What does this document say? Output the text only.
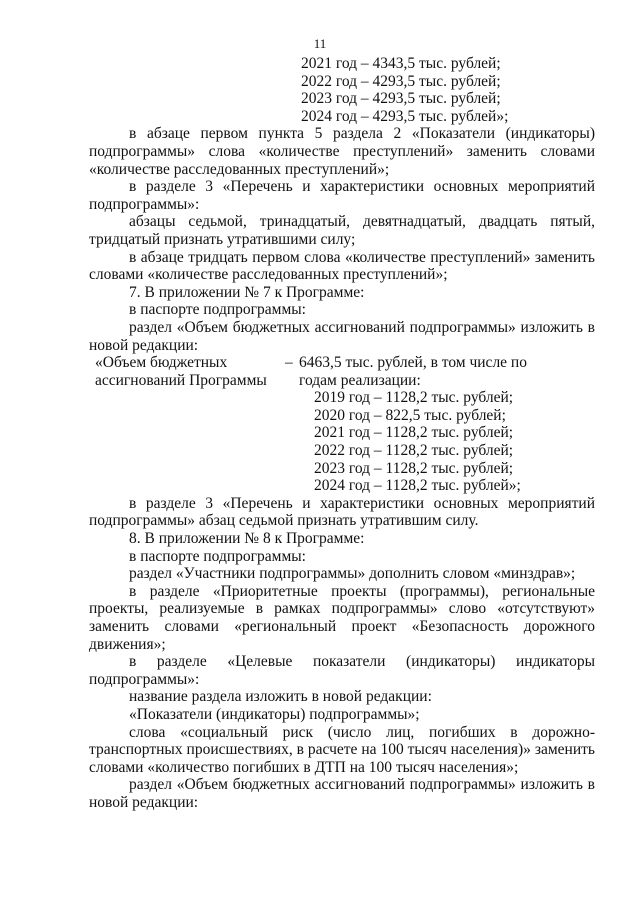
11
2021 год – 4343,5 тыс. рублей;
2022 год – 4293,5 тыс. рублей;
2023 год – 4293,5 тыс. рублей;
2024 год – 4293,5 тыс. рублей»;

в абзаце первом пункта 5 раздела 2 «Показатели (индикаторы) подпрограммы» слова «количестве преступлений» заменить словами «количестве расследованных преступлений»;

в разделе 3 «Перечень и характеристики основных мероприятий подпрограммы»:

абзацы седьмой, тринадцатый, девятнадцатый, двадцать пятый, тридцатый признать утратившими силу;

в абзаце тридцать первом слова «количестве преступлений» заменить словами «количестве расследованных преступлений»;

7. В приложении № 7 к Программе:

в паспорте подпрограммы:

раздел «Объем бюджетных ассигнований подпрограммы» изложить в новой редакции:

«Объем бюджетных
ассигнований Программы
– 6463,5 тыс. рублей, в том числе по
годам реализации:
2019 год – 1128,2 тыс. рублей;
2020 год – 822,5 тыс. рублей;
2021 год – 1128,2 тыс. рублей;
2022 год – 1128,2 тыс. рублей;
2023 год – 1128,2 тыс. рублей;
2024 год – 1128,2 тыс. рублей»;

в разделе 3 «Перечень и характеристики основных мероприятий подпрограммы» абзац седьмой признать утратившим силу.

8. В приложении № 8 к Программе:

в паспорте подпрограммы:

раздел «Участники подпрограммы» дополнить словом «минздрав»;

в разделе «Приоритетные проекты (программы), региональные проекты, реализуемые в рамках подпрограммы» слово «отсутствуют» заменить словами «региональный проект «Безопасность дорожного движения»;

в разделе «Целевые показатели (индикаторы) индикаторы подпрограммы»:

название раздела изложить в новой редакции:

«Показатели (индикаторы) подпрограммы»;

слова «социальный риск (число лиц, погибших в дорожно-транспортных происшествиях, в расчете на 100 тысяч населения)» заменить словами «количество погибших в ДТП на 100 тысяч населения»;

раздел «Объем бюджетных ассигнований подпрограммы» изложить в новой редакции:
